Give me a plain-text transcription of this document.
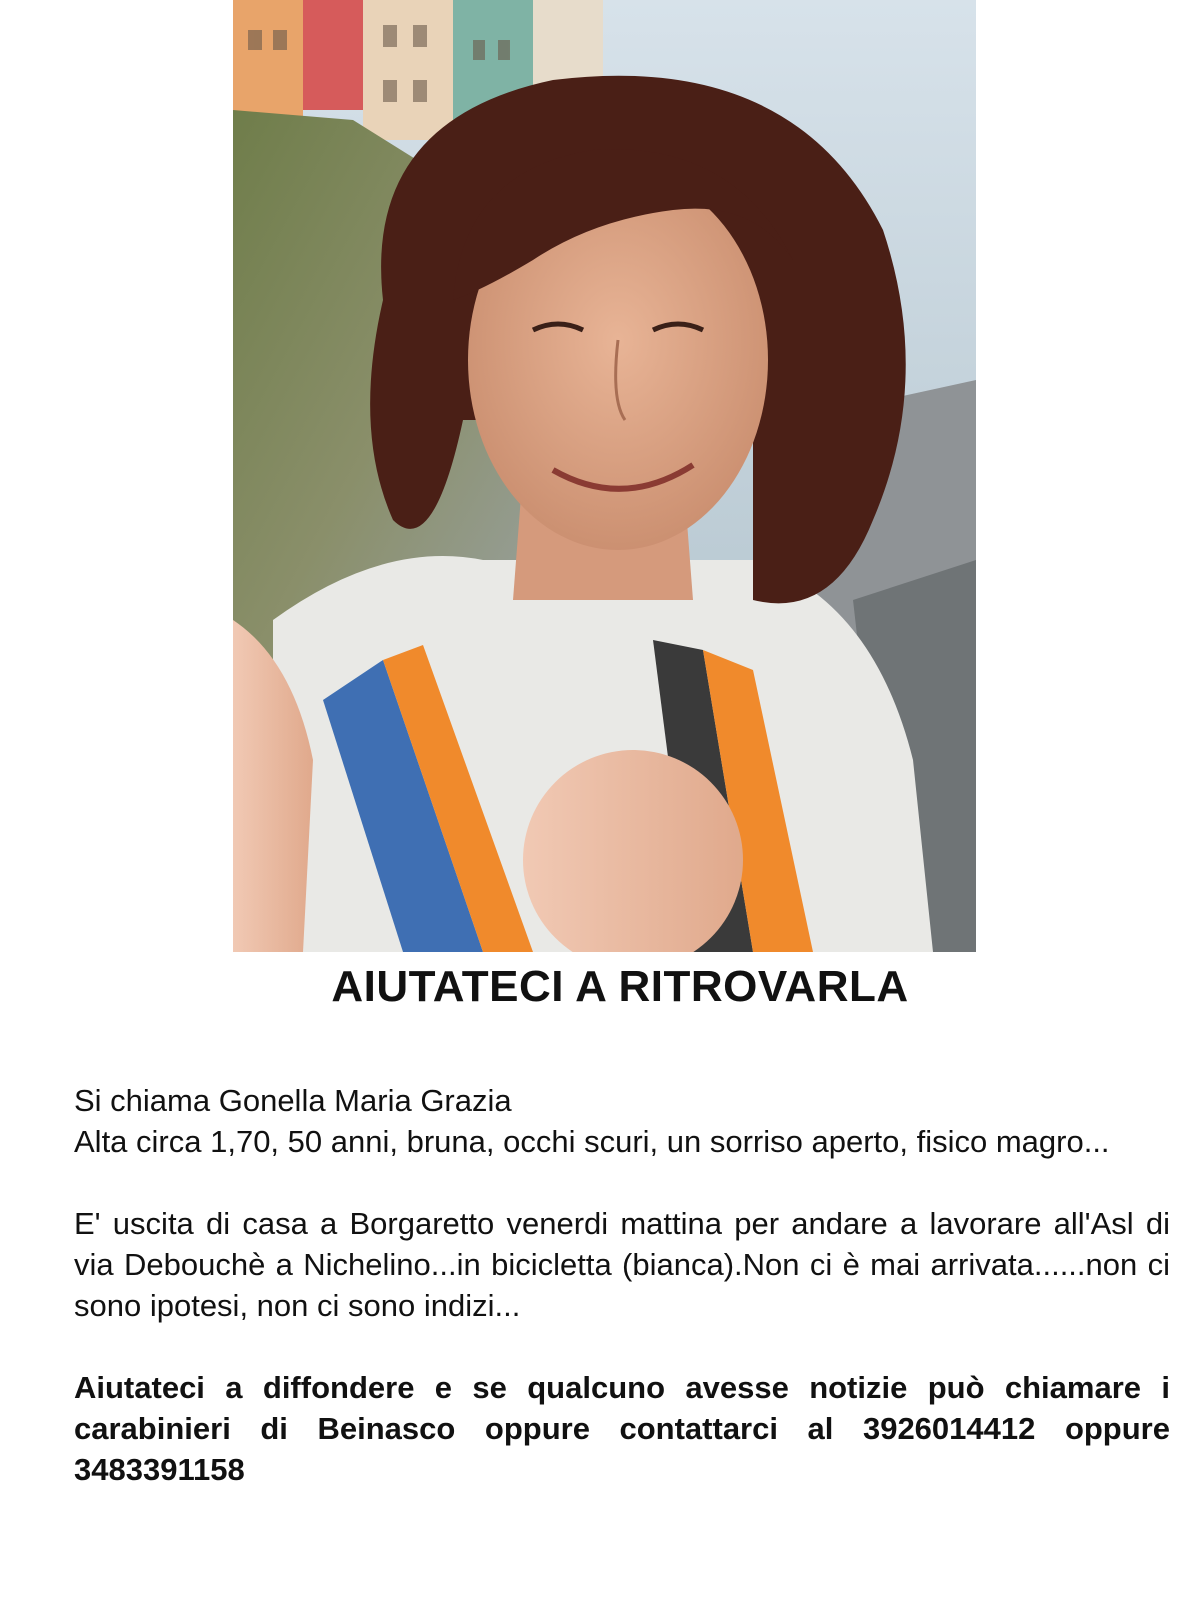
AIUTATECI A RITROVARLA

Si chiama Gonella Maria Grazia

Alta circa 1,70, 50 anni, bruna, occhi scuri, un sorriso aperto, fisico magro...

E' uscita di casa a Borgaretto venerdi mattina per andare a lavorare all'Asl di via Debouchè a Nichelino...in bicicletta (bianca).Non ci è mai arrivata......non ci sono ipotesi, non ci sono indizi...

Aiutateci a diffondere e se qualcuno avesse notizie può chiamare i carabinieri di Beinasco oppure contattarci al 3926014412 oppure 3483391158
